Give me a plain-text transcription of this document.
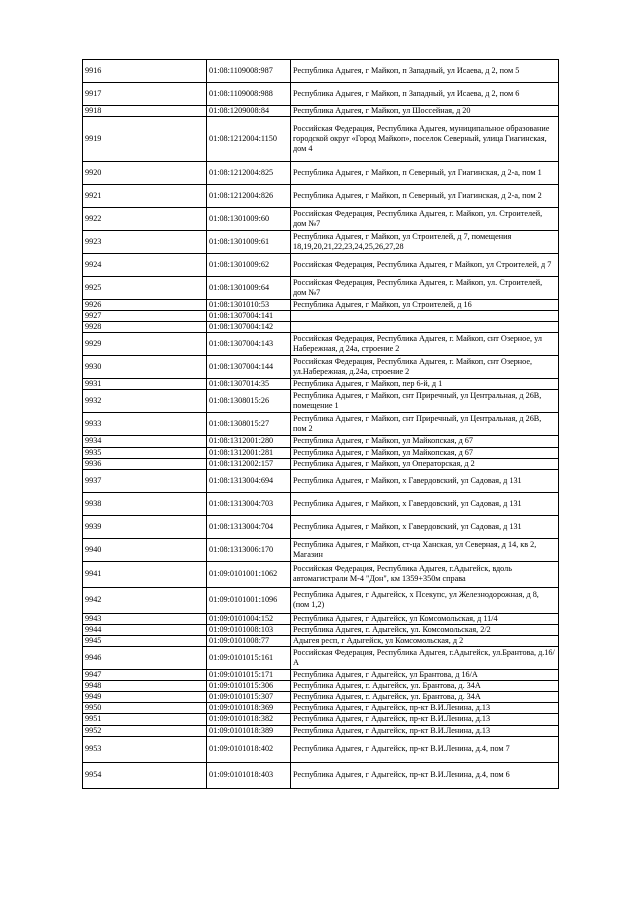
9916	01:08:1109008:987	Республика Адыгея, г Майкоп, п Западный, ул Исаева, д 2, пом 5
9917	01:08:1109008:988	Республика Адыгея, г Майкоп, п Западный, ул Исаева, д 2, пом 6
9918	01:08:1209008:84	Республика Адыгея, г Майкоп, ул Шоссейная, д 20
9919	01:08:1212004:1150	Российская Федерация, Республика Адыгея, муниципальное образование городской округ «Город Майкоп», поселок Северный, улица Гиагинская, дом 4
9920	01:08:1212004:825	Республика Адыгея, г Майкоп, п Северный, ул Гиагинская, д 2-а, пом 1
9921	01:08:1212004:826	Республика Адыгея, г Майкоп, п Северный, ул Гиагинская, д 2-а, пом 2
9922	01:08:1301009:60	Российская Федерация, Республика Адыгея, г. Майкоп, ул. Строителей, дом №7
9923	01:08:1301009:61	Республика Адыгея, г Майкоп, ул Строителей, д 7, помещения 18,19,20,21,22,23,24,25,26,27,28
9924	01:08:1301009:62	Российская Федерация, Республика Адыгея, г Майкоп, ул Строителей, д 7
9925	01:08:1301009:64	Российская Федерация, Республика Адыгея, г. Майкоп, ул. Строителей, дом №7
9926	01:08:1301010:53	Республика Адыгея, г Майкоп, ул Строителей, д 16
9927	01:08:1307004:141	
9928	01:08:1307004:142	
9929	01:08:1307004:143	Российская Федерация, Республика Адыгея, г. Майкоп, снт Озерное, ул Набережная, д 24а, строение 2
9930	01:08:1307004:144	Российская Федерация, Республика Адыгея, г. Майкоп, снт Озерное, ул.Набережная, д.24а, строение 2
9931	01:08:1307014:35	Республика Адыгея, г Майкоп, пер 6-й, д 1
9932	01:08:1308015:26	Республика Адыгея, г Майкоп, снт Приречный, ул Центральная, д 26В, помещение 1
9933	01:08:1308015:27	Республика Адыгея, г Майкоп, снт Приречный, ул Центральная, д 26В, пом 2
9934	01:08:1312001:280	Республика Адыгея, г Майкоп, ул Майкопская, д 67
9935	01:08:1312001:281	Республика Адыгея, г Майкоп, ул Майкопская, д 67
9936	01:08:1312002:157	Республика Адыгея, г Майкоп, ул Операторская, д 2
9937	01:08:1313004:694	Республика Адыгея, г Майкоп, х Гавердовский, ул Садовая, д 131
9938	01:08:1313004:703	Республика Адыгея, г Майкоп, х Гавердовский, ул Садовая, д 131
9939	01:08:1313004:704	Республика Адыгея, г Майкоп, х Гавердовский, ул Садовая, д 131
9940	01:08:1313006:170	Республика Адыгея, г Майкоп, ст-ца Ханская, ул Северная, д 14, кв 2, Магазин
9941	01:09:0101001:1062	Российская Федерация, Республика Адыгея, г.Адыгейск, вдоль автомагистрали М-4 "Дон", км 1359+350м справа
9942	01:09:0101001:1096	Республика Адыгея, г Адыгейск, х Псекупс, ул Железнодорожная, д 8, (пом 1,2)
9943	01:09:0101004:152	Республика Адыгея, г Адыгейск, ул Комсомольская, д 11/4
9944	01:09:0101008:103	Республика Адыгея, г. Адыгейск, ул. Комсомольская, 2/2
9945	01:09:0101008:77	Адыгея респ, г Адыгейск, ул Комсомольская, д 2
9946	01:09:0101015:161	Российская Федерация, Республика Адыгея, г.Адыгейск, ул.Брантова, д.16/А
9947	01:09:0101015:171	Республика Адыгея, г Адыгейск, ул Брантова, д 16/А
9948	01:09:0101015:306	Республика Адыгея, г. Адыгейск, ул. Брантова, д. 34А
9949	01:09:0101015:307	Республика Адыгея, г. Адыгейск, ул. Брантова, д. 34А
9950	01:09:0101018:369	Республика Адыгея, г Адыгейск, пр-кт В.И.Ленина, д.13
9951	01:09:0101018:382	Республика Адыгея, г Адыгейск, пр-кт В.И.Ленина, д.13
9952	01:09:0101018:389	Республика Адыгея, г Адыгейск, пр-кт В.И.Ленина, д.13
9953	01:09:0101018:402	Республика Адыгея, г Адыгейск, пр-кт В.И.Ленина, д.4, пом 7
9954	01:09:0101018:403	Республика Адыгея, г Адыгейск, пр-кт В.И.Ленина, д.4, пом 6
